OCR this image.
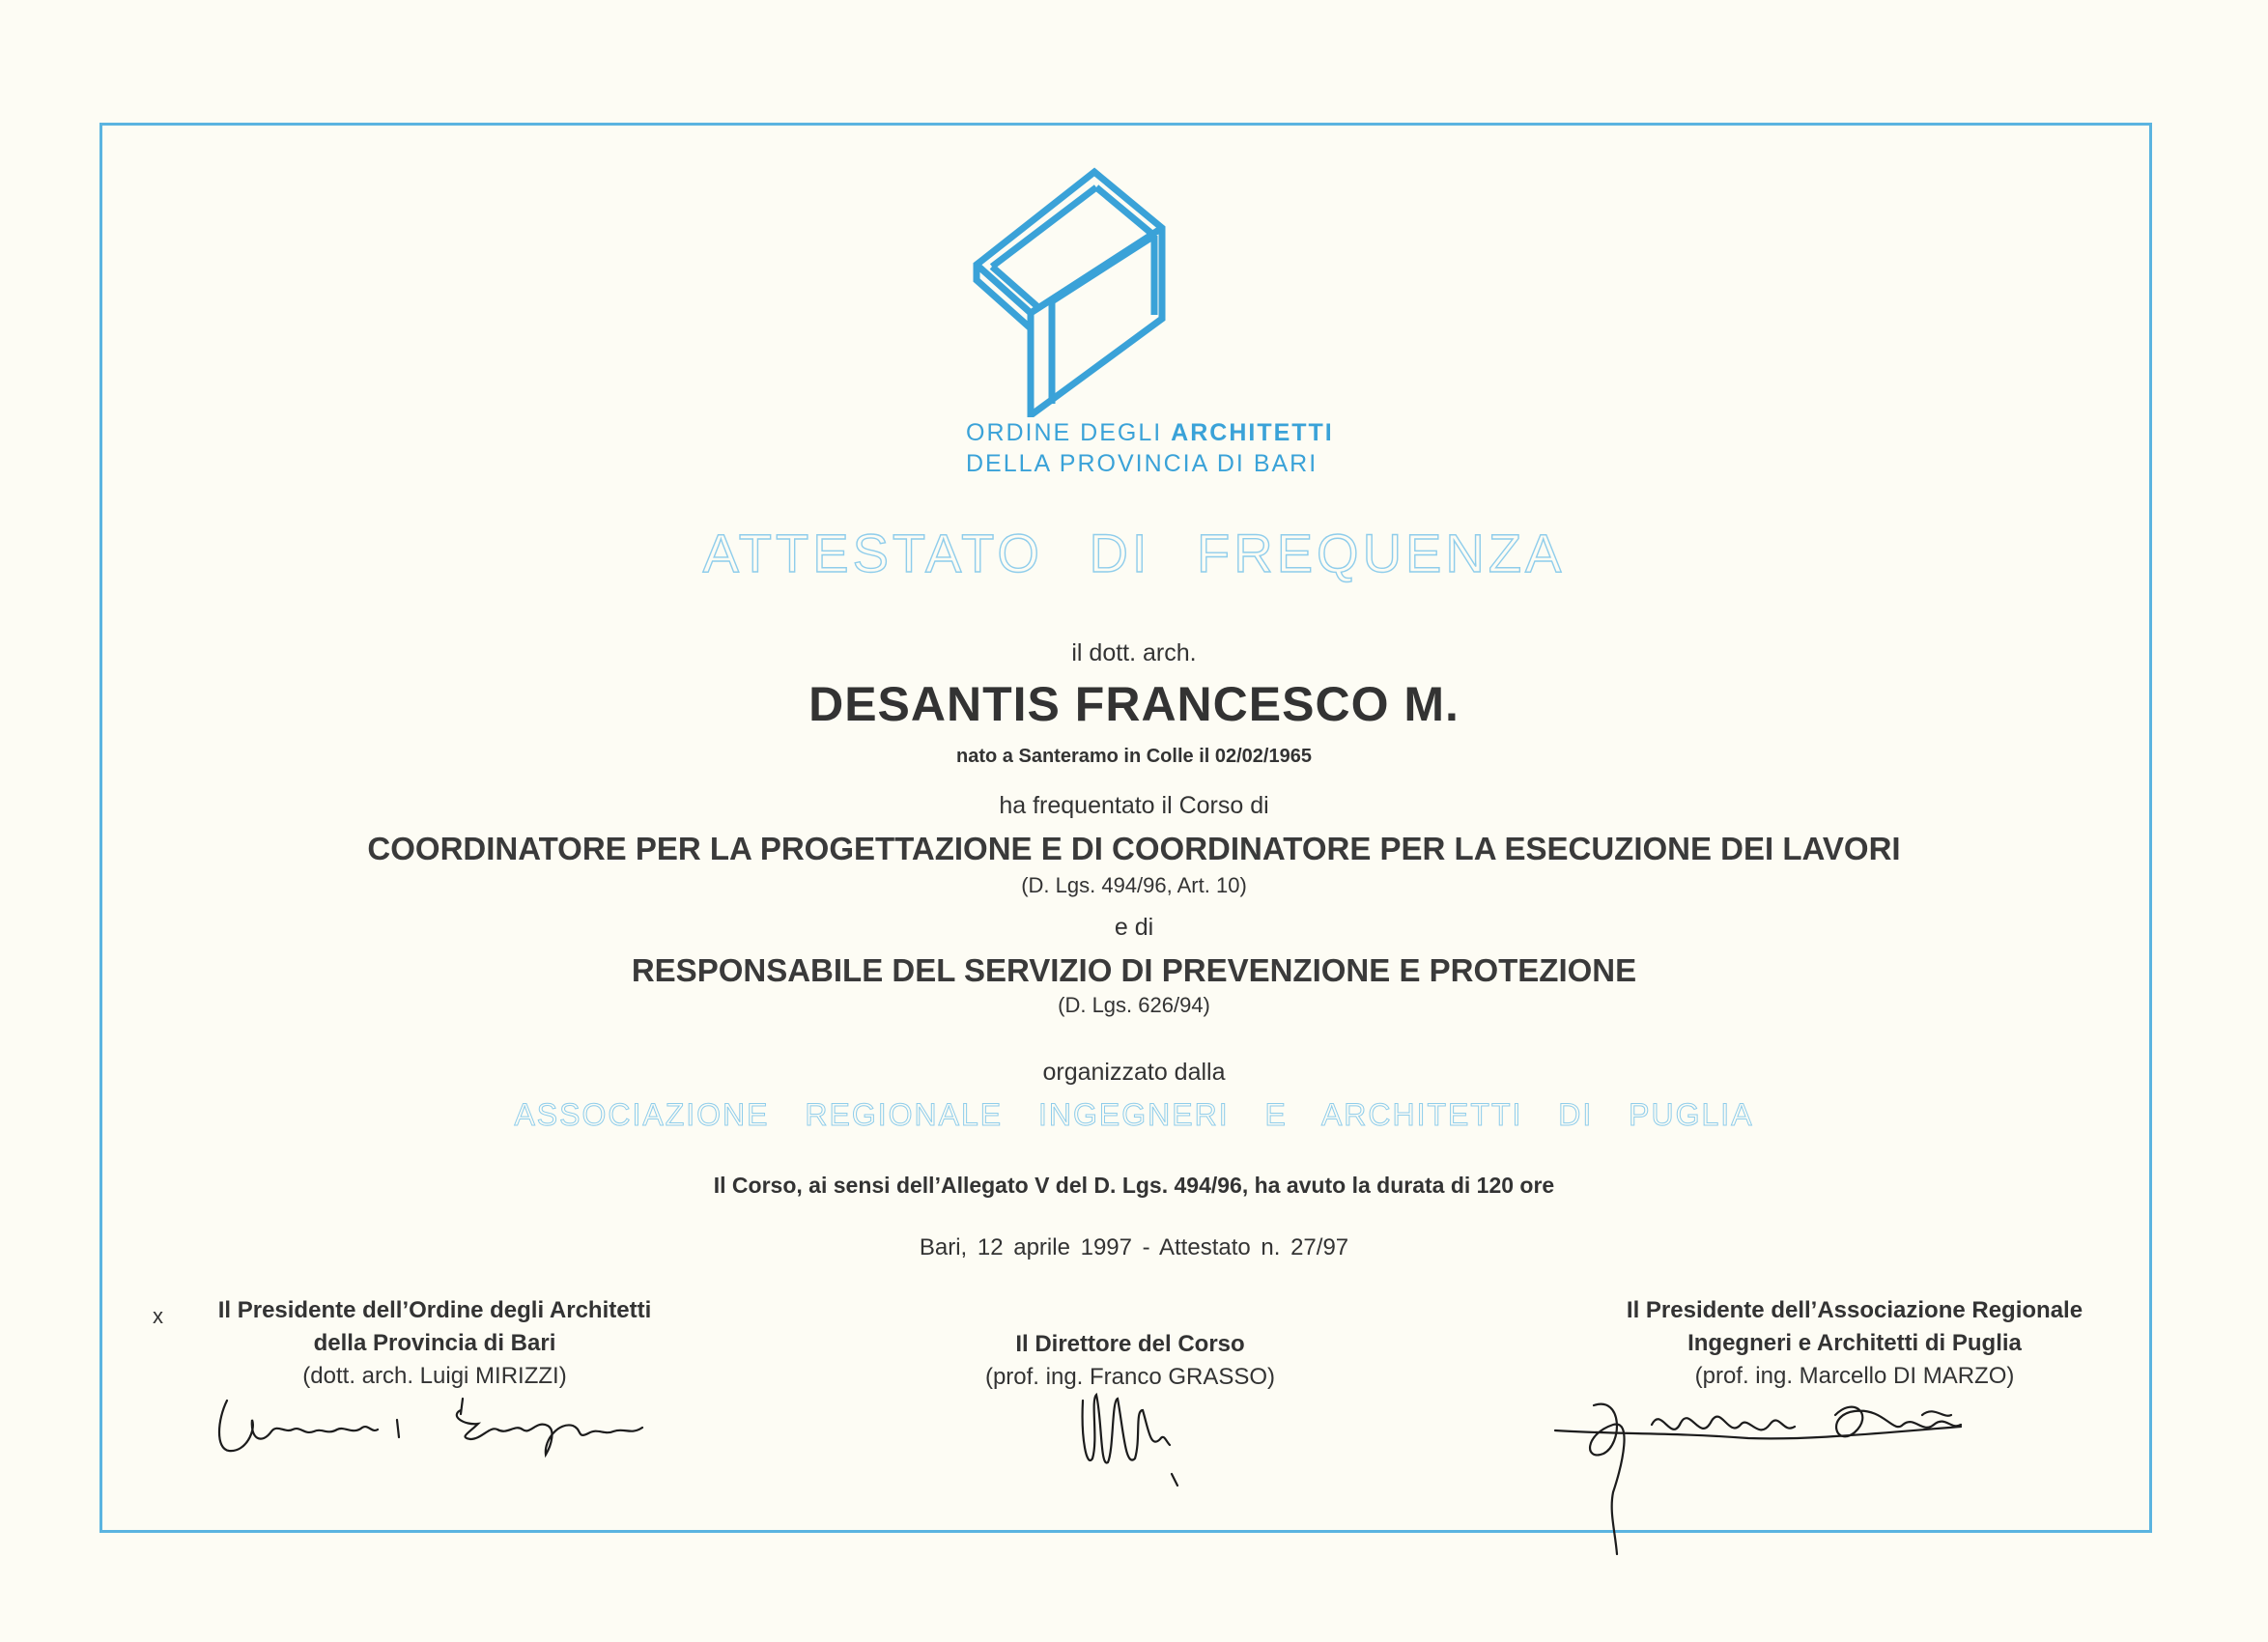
ORDINE DEGLI ARCHITETTI
DELLA PROVINCIA DI BARI
ATTESTATO DI FREQUENZA
il dott. arch.
DESANTIS FRANCESCO M.
nato a Santeramo in Colle il 02/02/1965
ha frequentato il Corso di
COORDINATORE PER LA PROGETTAZIONE E DI COORDINATORE PER LA ESECUZIONE DEI LAVORI
(D. Lgs. 494/96, Art. 10)
e di
RESPONSABILE DEL SERVIZIO DI PREVENZIONE E PROTEZIONE
(D. Lgs. 626/94)
organizzato dalla
ASSOCIAZIONE REGIONALE INGEGNERI E ARCHITETTI DI PUGLIA
Il Corso, ai sensi dell’Allegato V del D. Lgs. 494/96, ha avuto la durata di 120 ore
Bari, 12 aprile 1997 - Attestato n. 27/97
x	Il Presidente dell’Ordine degli Architetti
della Provincia di Bari
(dott. arch. Luigi MIRIZZI)
Il Direttore del Corso
(prof. ing. Franco GRASSO)
Il Presidente dell’Associazione Regionale
Ingegneri e Architetti di Puglia
(prof. ing. Marcello DI MARZO)
